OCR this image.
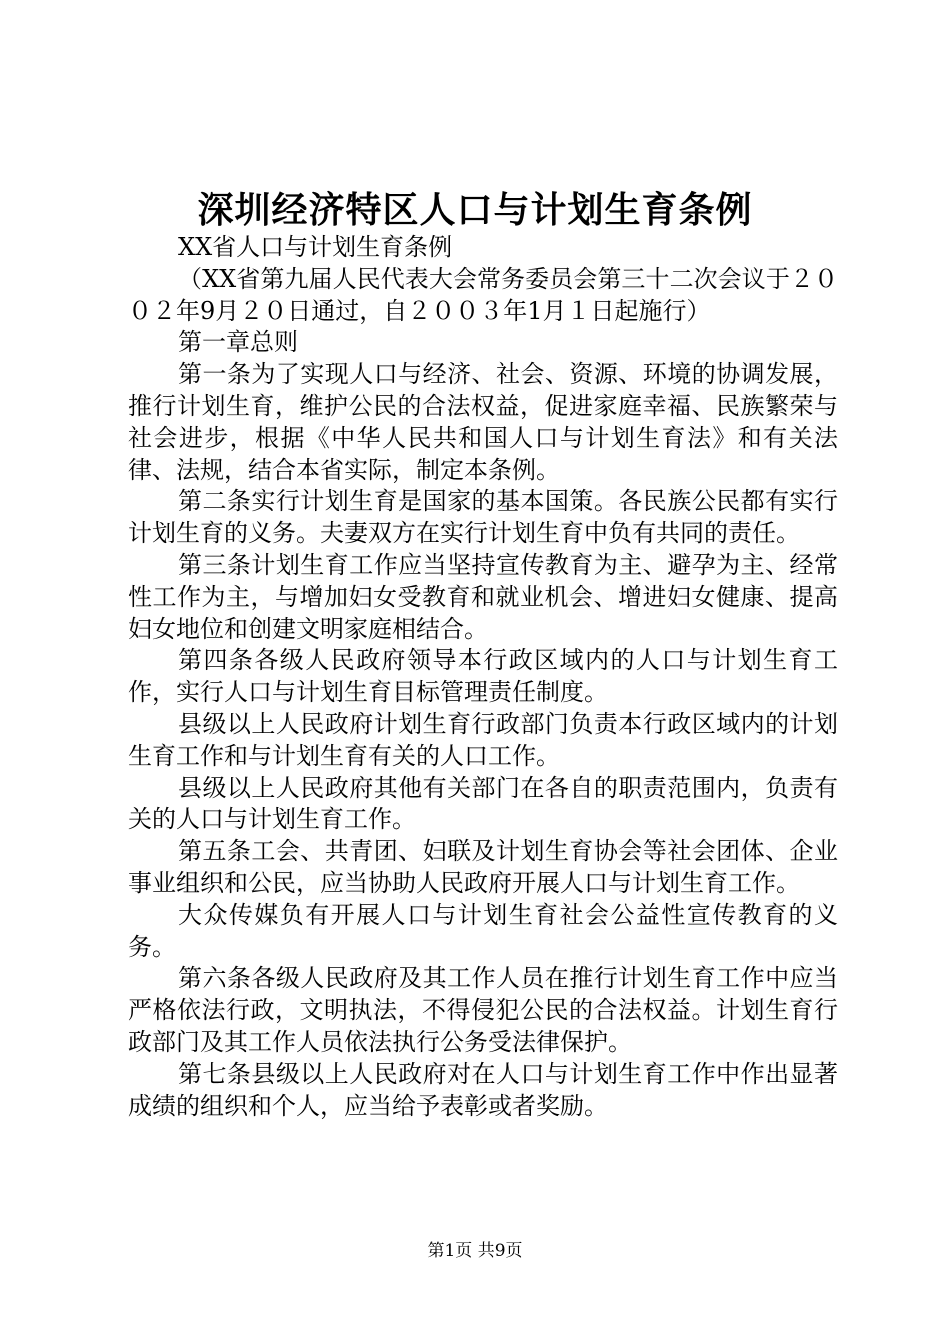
深圳经济特区人口与计划生育条例

XX省人口与计划生育条例

（XX省第九届人民代表大会常务委员会第三十二次会议于２００２年9月２０日通过，自２００３年1月１日起施行）

第一章总则

第一条为了实现人口与经济、社会、资源、环境的协调发展，推行计划生育，维护公民的合法权益，促进家庭幸福、民族繁荣与社会进步，根据《中华人民共和国人口与计划生育法》和有关法律、法规，结合本省实际，制定本条例。

第二条实行计划生育是国家的基本国策。各民族公民都有实行计划生育的义务。夫妻双方在实行计划生育中负有共同的责任。

第三条计划生育工作应当坚持宣传教育为主、避孕为主、经常性工作为主，与增加妇女受教育和就业机会、增进妇女健康、提高妇女地位和创建文明家庭相结合。

第四条各级人民政府领导本行政区域内的人口与计划生育工作，实行人口与计划生育目标管理责任制度。

县级以上人民政府计划生育行政部门负责本行政区域内的计划生育工作和与计划生育有关的人口工作。

县级以上人民政府其他有关部门在各自的职责范围内，负责有关的人口与计划生育工作。

第五条工会、共青团、妇联及计划生育协会等社会团体、企业事业组织和公民，应当协助人民政府开展人口与计划生育工作。

大众传媒负有开展人口与计划生育社会公益性宣传教育的义务。

第六条各级人民政府及其工作人员在推行计划生育工作中应当严格依法行政，文明执法，不得侵犯公民的合法权益。计划生育行政部门及其工作人员依法执行公务受法律保护。

第七条县级以上人民政府对在人口与计划生育工作中作出显著成绩的组织和个人，应当给予表彰或者奖励。

第1页 共9页
